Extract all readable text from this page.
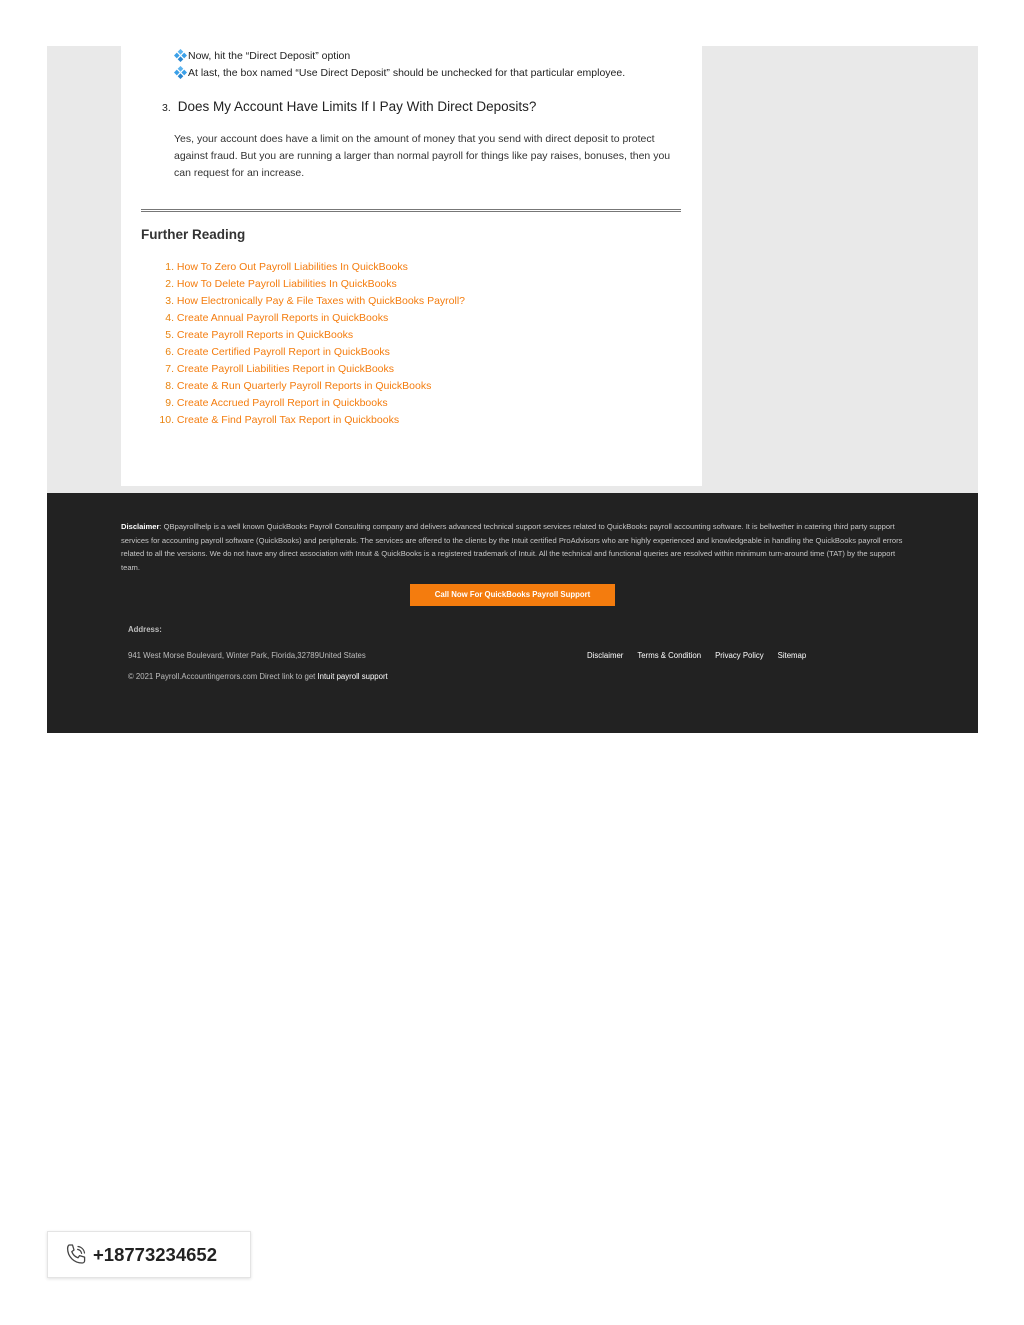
Now, hit the “Direct Deposit” option
At last, the box named “Use Direct Deposit” should be unchecked for that particular employee.
3. Does My Account Have Limits If I Pay With Direct Deposits?
Yes, your account does have a limit on the amount of money that you send with direct deposit to protect against fraud. But you are running a larger than normal payroll for things like pay raises, bonuses, then you can request for an increase.
Further Reading
1.
How To Zero Out Payroll Liabilities In QuickBooks
2.
How To Delete Payroll Liabilities In QuickBooks
3.
How Electronically Pay & File Taxes with QuickBooks Payroll?
4.
Create Annual Payroll Reports in QuickBooks
5.
Create Payroll Reports in QuickBooks
6.
Create Certified Payroll Report in QuickBooks
7.
Create Payroll Liabilities Report in QuickBooks
8.
Create & Run Quarterly Payroll Reports in QuickBooks
9.
Create Accrued Payroll Report in Quickbooks
10.
Create & Find Payroll Tax Report in Quickbooks
Disclaimer: QBpayrollhelp is a well known QuickBooks Payroll Consulting company and delivers advanced technical support services related to QuickBooks payroll accounting software. It is bellwether in catering third party support services for accounting payroll software (QuickBooks) and peripherals. The services are offered to the clients by the Intuit certified ProAdvisors who are highly experienced and knowledgeable in handling the QuickBooks payroll errors related to all the versions. We do not have any direct association with Intuit & QuickBooks is a registered trademark of Intuit. All the technical and functional queries are resolved within minimum turn-around time (TAT) by the support team.
Call Now For QuickBooks Payroll Support
Address:
941 West Morse Boulevard, Winter Park, Florida,32789United States
© 2021 Payroll.Accountingerrors.com Direct link to get Intuit payroll support
Disclaimer Terms & Condition Privacy Policy Sitemap
+18773234652
